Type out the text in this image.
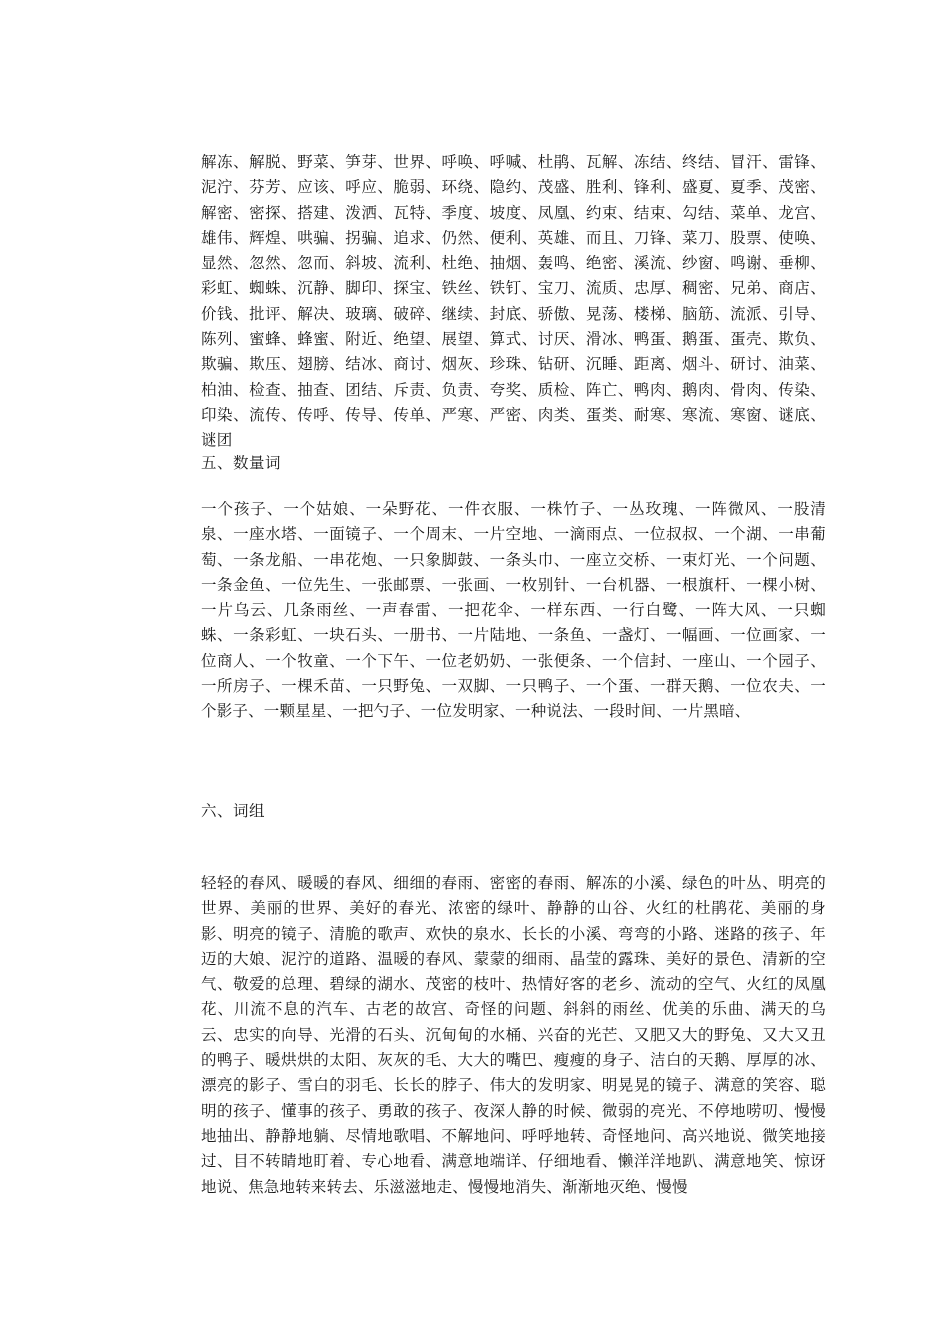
解冻、解脱、野菜、笋芽、世界、呼唤、呼喊、杜鹃、瓦解、冻结、终结、冒汗、雷锋、泥泞、芬芳、应该、呼应、脆弱、环绕、隐约、茂盛、胜利、锋利、盛夏、夏季、茂密、解密、密探、搭建、泼洒、瓦特、季度、坡度、凤凰、约束、结束、勾结、菜单、龙宫、雄伟、辉煌、哄骗、拐骗、追求、仍然、便利、英雄、而且、刀锋、菜刀、股票、使唤、显然、忽然、忽而、斜坡、流利、杜绝、抽烟、轰鸣、绝密、溪流、纱窗、鸣谢、垂柳、彩虹、蜘蛛、沉静、脚印、探宝、铁丝、铁钉、宝刀、流质、忠厚、稠密、兄弟、商店、价钱、批评、解决、玻璃、破碎、继续、封底、骄傲、晃荡、楼梯、脑筋、流派、引导、陈列、蜜蜂、蜂蜜、附近、绝望、展望、算式、讨厌、滑冰、鸭蛋、鹅蛋、蛋壳、欺负、欺骗、欺压、翅膀、结冰、商讨、烟灰、珍珠、钻研、沉睡、距离、烟斗、研讨、油菜、柏油、检查、抽查、团结、斥责、负责、夸奖、质检、阵亡、鸭肉、鹅肉、骨肉、传染、印染、流传、传呼、传导、传单、严寒、严密、肉类、蛋类、耐寒、寒流、寒窗、谜底、谜团

五、数量词

一个孩子、一个姑娘、一朵野花、一件衣服、一株竹子、一丛玫瑰、一阵微风、一股清泉、一座水塔、一面镜子、一个周末、一片空地、一滴雨点、一位叔叔、一个湖、一串葡萄、一条龙船、一串花炮、一只象脚鼓、一条头巾、一座立交桥、一束灯光、一个问题、一条金鱼、一位先生、一张邮票、一张画、一枚别针、一台机器、一根旗杆、一棵小树、一片乌云、几条雨丝、一声春雷、一把花伞、一样东西、一行白鹭、一阵大风、一只蜘蛛、一条彩虹、一块石头、一册书、一片陆地、一条鱼、一盏灯、一幅画、一位画家、一位商人、一个牧童、一个下午、一位老奶奶、一张便条、一个信封、一座山、一个园子、一所房子、一棵禾苗、一只野兔、一双脚、一只鸭子、一个蛋、一群天鹅、一位农夫、一个影子、一颗星星、一把勺子、一位发明家、一种说法、一段时间、一片黑暗、

六、词组

轻轻的春风、暖暖的春风、细细的春雨、密密的春雨、解冻的小溪、绿色的叶丛、明亮的世界、美丽的世界、美好的春光、浓密的绿叶、静静的山谷、火红的杜鹃花、美丽的身影、明亮的镜子、清脆的歌声、欢快的泉水、长长的小溪、弯弯的小路、迷路的孩子、年迈的大娘、泥泞的道路、温暖的春风、蒙蒙的细雨、晶莹的露珠、美好的景色、清新的空气、敬爱的总理、碧绿的湖水、茂密的枝叶、热情好客的老乡、流动的空气、火红的凤凰花、川流不息的汽车、古老的故宫、奇怪的问题、斜斜的雨丝、优美的乐曲、满天的乌云、忠实的向导、光滑的石头、沉甸甸的水桶、兴奋的光芒、又肥又大的野兔、又大又丑的鸭子、暖烘烘的太阳、灰灰的毛、大大的嘴巴、瘦瘦的身子、洁白的天鹅、厚厚的冰、漂亮的影子、雪白的羽毛、长长的脖子、伟大的发明家、明晃晃的镜子、满意的笑容、聪明的孩子、懂事的孩子、勇敢的孩子、夜深人静的时候、微弱的亮光、不停地唠叨、慢慢地抽出、静静地躺、尽情地歌唱、不解地问、呼呼地转、奇怪地问、高兴地说、微笑地接过、目不转睛地盯着、专心地看、满意地端详、仔细地看、懒洋洋地趴、满意地笑、惊讶地说、焦急地转来转去、乐滋滋地走、慢慢地消失、渐渐地灭绝、慢慢
